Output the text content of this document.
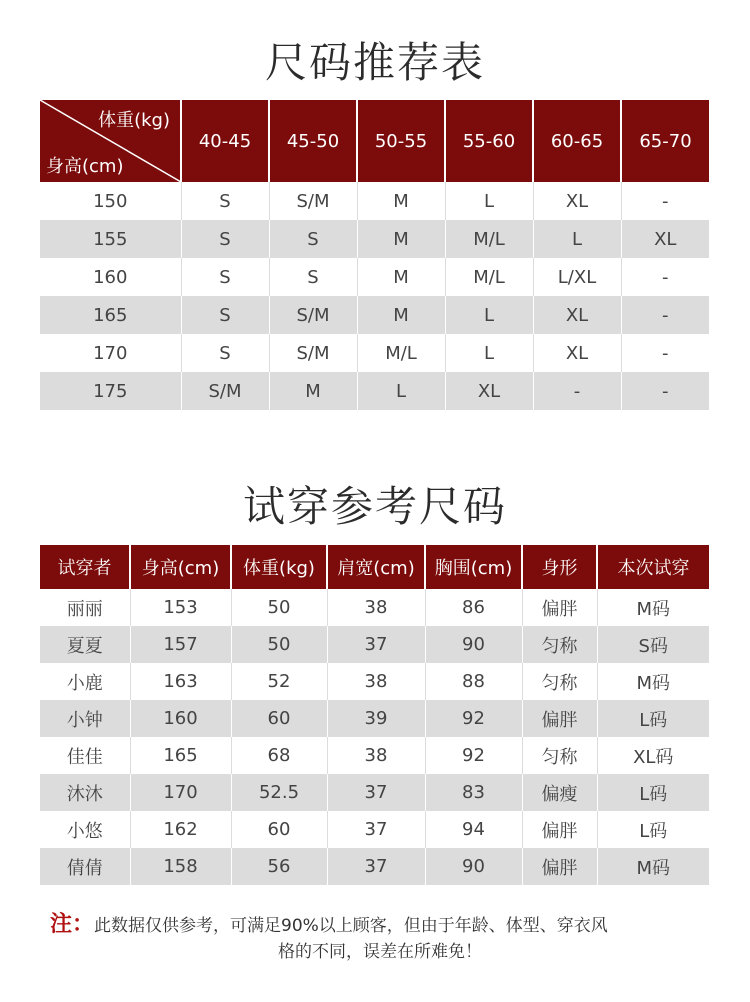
尺码推荐表
体重(kg)
身高(cm)	40-45	45-50	50-55	55-60	60-65	65-70
150	S	S/M	M	L	XL	-
155	S	S	M	M/L	L	XL
160	S	S	M	M/L	L/XL	-
165	S	S/M	M	L	XL	-
170	S	S/M	M/L	L	XL	-
175	S/M	M	L	XL	-	-
试穿参考尺码
试穿者	身高(cm)	体重(kg)	肩宽(cm)	胸围(cm)	身形	本次试穿
丽丽	153	50	38	86	偏胖	M码
夏夏	157	50	37	90	匀称	S码
小鹿	163	52	38	88	匀称	M码
小钟	160	60	39	92	偏胖	L码
佳佳	165	68	38	92	匀称	XL码
沐沐	170	52.5	37	83	偏瘦	L码
小悠	162	60	37	94	偏胖	L码
倩倩	158	56	37	90	偏胖	M码
注：此数据仅供参考，可满足90%以上顾客，但由于年龄、体型、穿衣风
格的不同，误差在所难免！
